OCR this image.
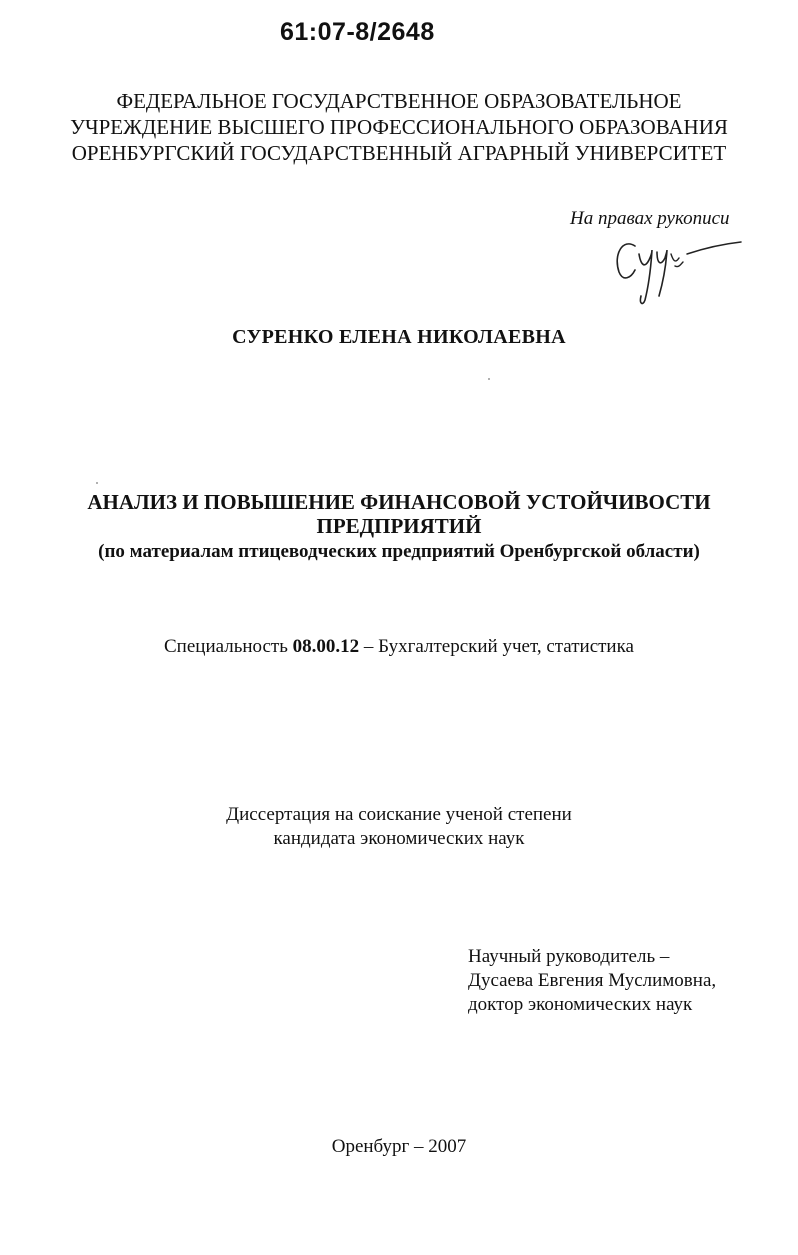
61:07-8/2648
ФЕДЕРАЛЬНОЕ ГОСУДАРСТВЕННОЕ ОБРАЗОВАТЕЛЬНОЕ
УЧРЕЖДЕНИЕ ВЫСШЕГО ПРОФЕССИОНАЛЬНОГО ОБРАЗОВАНИЯ
ОРЕНБУРГСКИЙ ГОСУДАРСТВЕННЫЙ АГРАРНЫЙ УНИВЕРСИТЕТ
На правах рукописи
СУРЕНКО ЕЛЕНА НИКОЛАЕВНА
АНАЛИЗ И ПОВЫШЕНИЕ ФИНАНСОВОЙ УСТОЙЧИВОСТИ
ПРЕДПРИЯТИЙ
(по материалам птицеводческих предприятий Оренбургской области)
Специальность 08.00.12 – Бухгалтерский учет, статистика
Диссертация на соискание ученой степени
кандидата экономических наук
Научный руководитель –
Дусаева Евгения Муслимовна,
доктор экономических наук
Оренбург – 2007
